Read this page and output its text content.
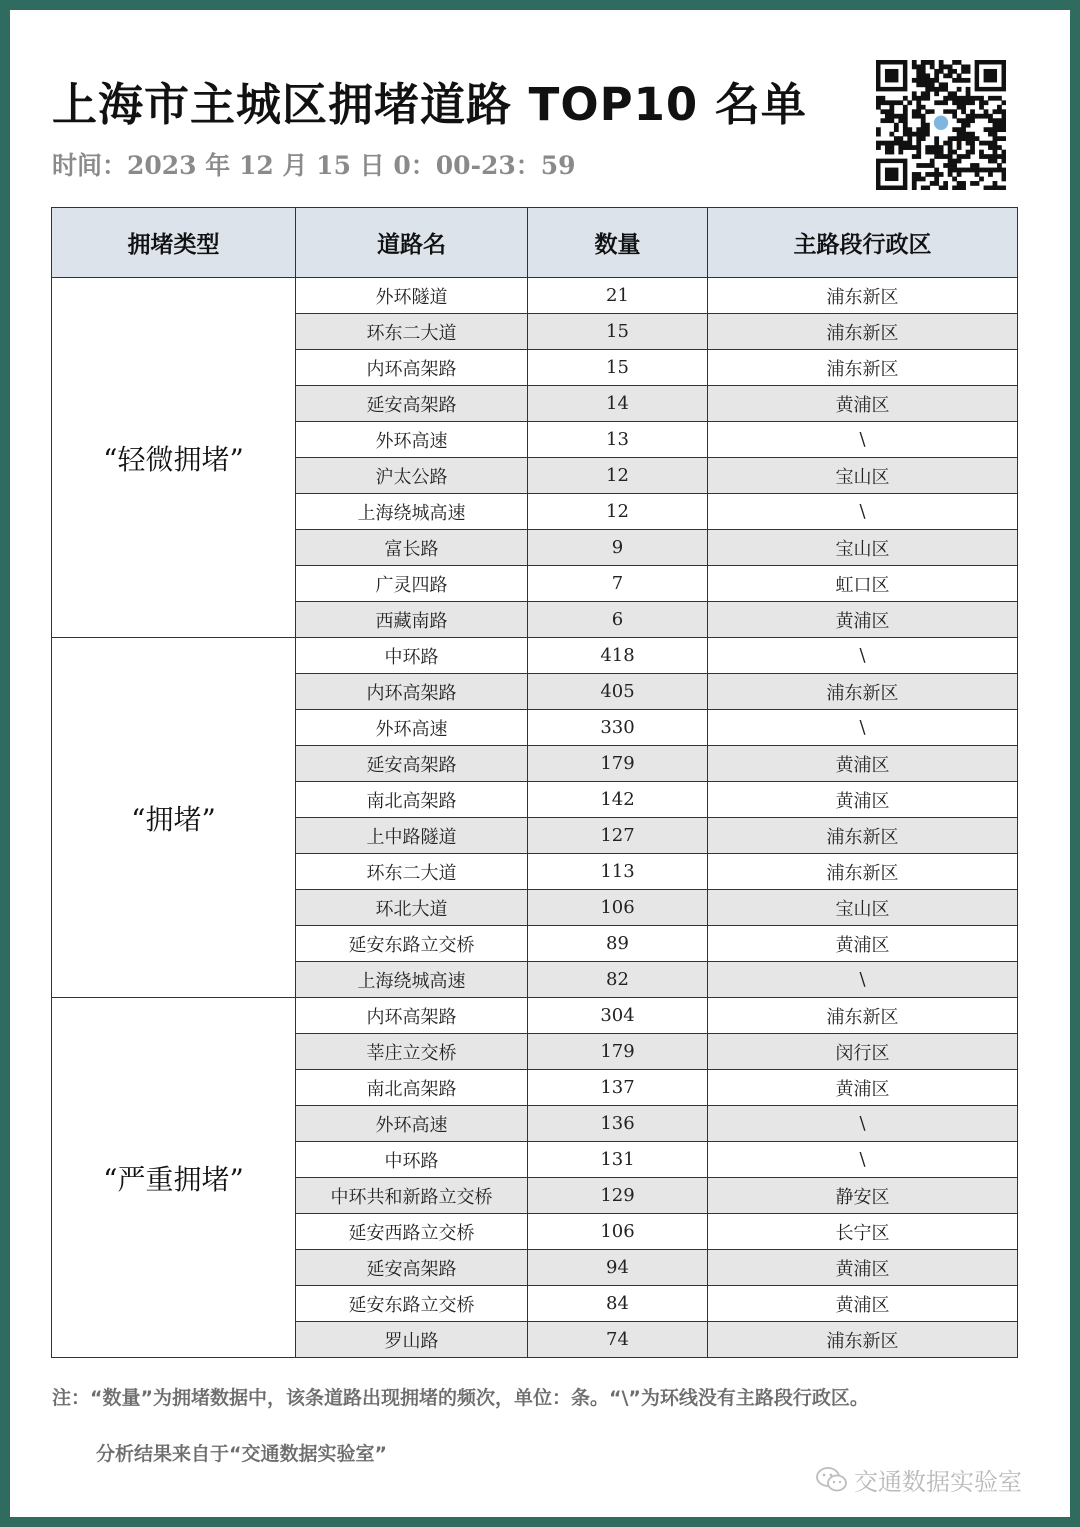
上海市主城区拥堵道路 TOP10 名单
时间：2023 年 12 月 15 日 0：00-23：59
拥堵类型	道路名	数量	主路段行政区
“轻微拥堵”	外环隧道	21	浦东新区
	环东二大道	15	浦东新区
	内环高架路	15	浦东新区
	延安高架路	14	黄浦区
	外环高速	13	\
	沪太公路	12	宝山区
	上海绕城高速	12	\
	富长路	9	宝山区
	广灵四路	7	虹口区
	西藏南路	6	黄浦区
“拥堵”	中环路	418	\
	内环高架路	405	浦东新区
	外环高速	330	\
	延安高架路	179	黄浦区
	南北高架路	142	黄浦区
	上中路隧道	127	浦东新区
	环东二大道	113	浦东新区
	环北大道	106	宝山区
	延安东路立交桥	89	黄浦区
	上海绕城高速	82	\
“严重拥堵”	内环高架路	304	浦东新区
	莘庄立交桥	179	闵行区
	南北高架路	137	黄浦区
	外环高速	136	\
	中环路	131	\
	中环共和新路立交桥	129	静安区
	延安西路立交桥	106	长宁区
	延安高架路	94	黄浦区
	延安东路立交桥	84	黄浦区
	罗山路	74	浦东新区
注：“数量”为拥堵数据中，该条道路出现拥堵的频次，单位：条。“\”为环线没有主路段行政区。
分析结果来自于“交通数据实验室”
交通数据实验室
